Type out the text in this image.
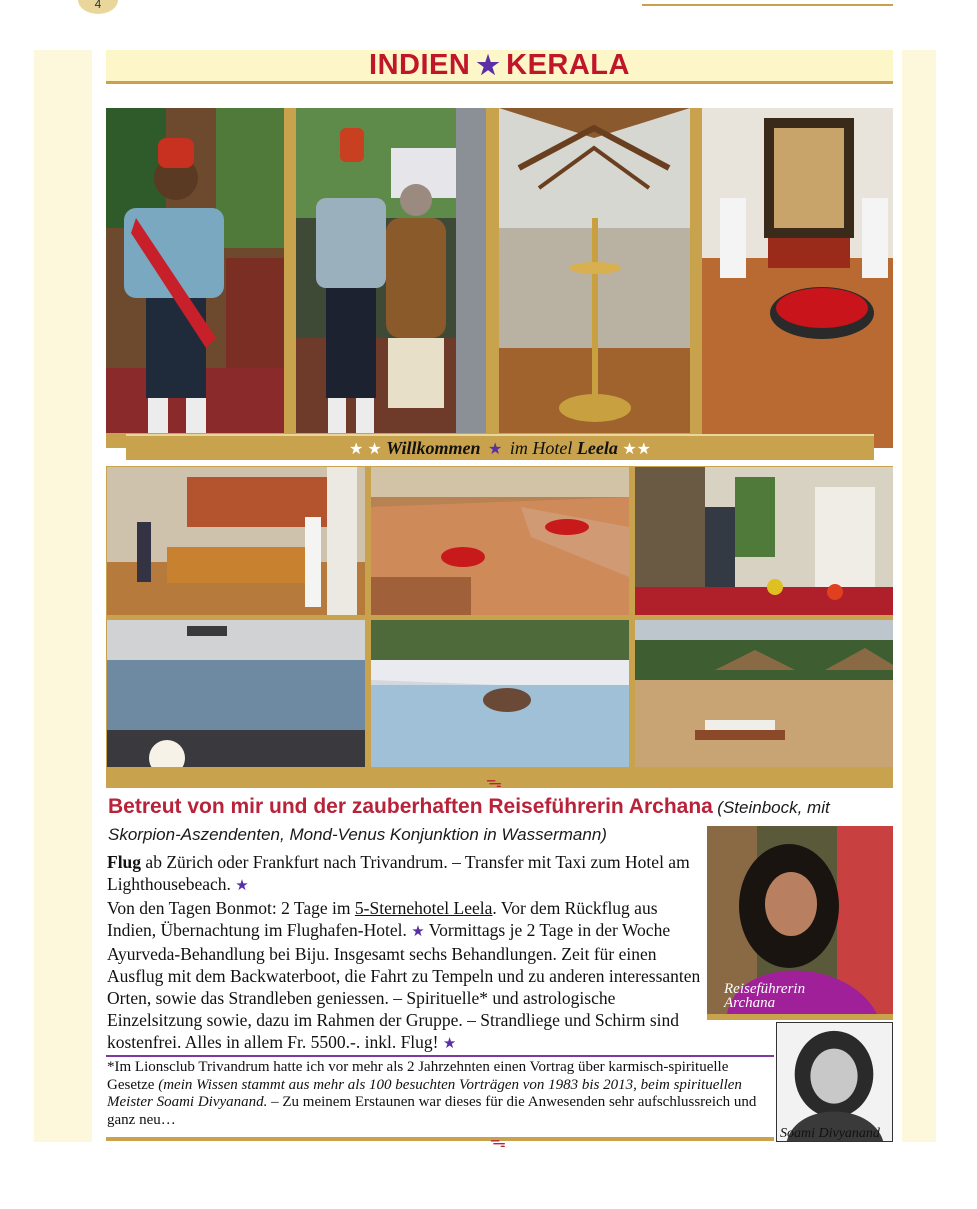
4
INDIEN ★ KERALA
★ ★ Willkommen ★ im Hotel Leela ★★
ᯓ
Betreut von mir und der zauberhaften Reiseführerin Archana (Steinbock, mit
Skorpion-Aszendenten, Mond-Venus Konjunktion in Wassermann)
Flug ab Zürich oder Frankfurt nach Trivandrum. – Transfer mit Taxi zum Hotel am Lighthousebeach. ★
Von den Tagen Bonmot: 2 Tage im 5-Sternehotel Leela. Vor dem Rückflug aus Indien, Übernachtung im Flughafen-Hotel. ★ Vormittags je 2 Tage in der Woche Ayurveda-Behandlung bei Biju. Insgesamt sechs Behandlungen. Zeit für einen Ausflug mit dem Backwaterboot, die Fahrt zu Tempeln und zu anderen interessanten Orten, sowie das Strandleben geniessen. – Spirituelle* und astrologische Einzelsitzung sowie, dazu im Rahmen der Gruppe. – Strandliege und Schirm sind kostenfrei. Alles in allem Fr. 5500.-. inkl. Flug! ★
Reiseführerin
Archana
*Im Lionsclub Trivandrum hatte ich vor mehr als 2 Jahrzehnten einen Vortrag über karmisch-spirituelle Gesetze (mein Wissen stammt aus mehr als 100 besuchten Vorträgen von 1983 bis 2013, beim spirituellen Meister Soami Divyanand. – Zu meinem Erstaunen war dieses für die Anwesenden sehr aufschlussreich und ganz neu…
Soami Divyanand
ᯓ
